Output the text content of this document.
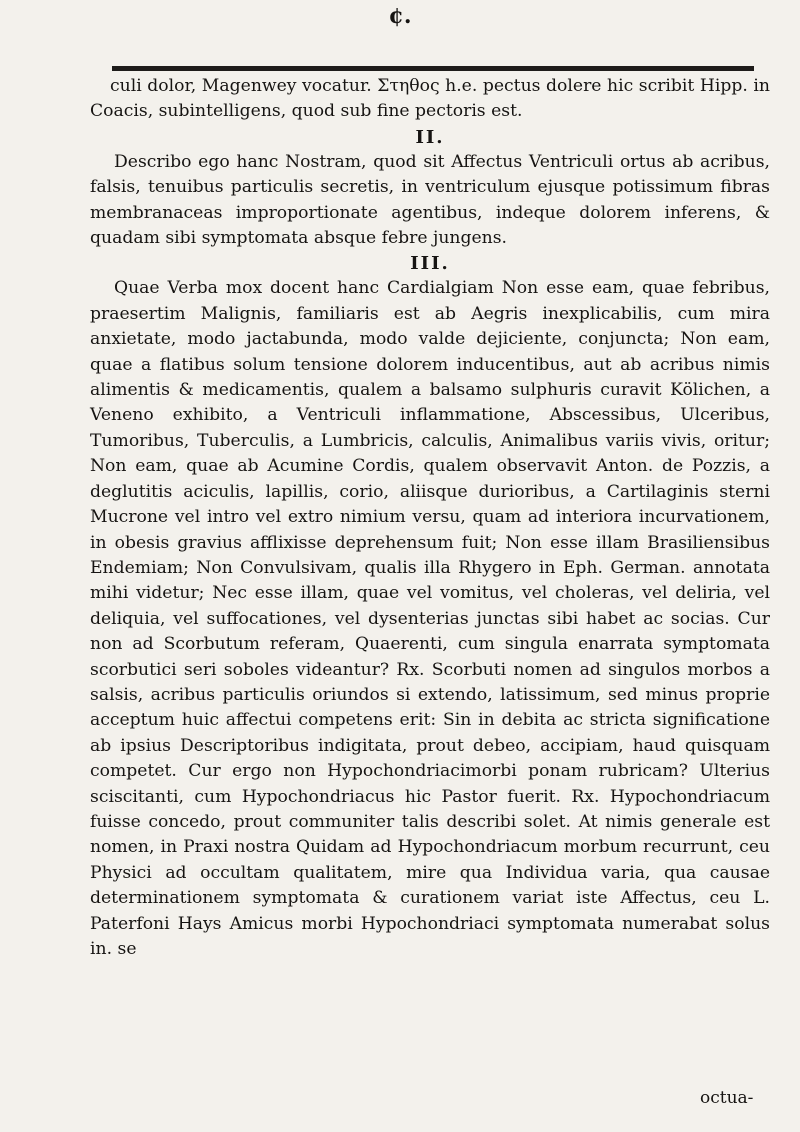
¢.

culi dolor, Magenwey vocatur. Στηθος h.e. pectus dolere hic scribit Hipp. in Coacis, subintelligens, quod sub fine pectoris est.

II.

Describo ego hanc Nostram, quod sit Affectus Ventriculi ortus ab acribus, falsis, tenuibus particulis secretis, in ventriculum ejusque potissimum fibras membranaceas improportionate agentibus, indeque dolorem inferens, & quadam sibi symptomata absque febre jungens.

III.

Quae Verba mox docent hanc Cardialgiam Non esse eam, quae febribus, praesertim Malignis, familiaris est ab Aegris inexplicabilis, cum mira anxietate, modo jactabunda, modo valde dejiciente, conjuncta; Non eam, quae a flatibus solum tensione dolorem inducentibus, aut ab acribus nimis alimentis & medicamentis, qualem a balsamo sulphuris curavit Kölichen, a Veneno exhibito, a Ventriculi inflammatione, Abscessibus, Ulceribus, Tumoribus, Tuberculis, a Lumbricis, calculis, Animalibus variis vivis, oritur; Non eam, quae ab Acumine Cordis, qualem observavit Anton. de Pozzis, a deglutitis aciculis, lapillis, corio, aliisque durioribus, a Cartilaginis sterni Mucrone vel intro vel extro nimium versu, quam ad interiora incurvationem, in obesis gravius afflixisse deprehensum fuit; Non esse illam Brasiliensibus Endemiam; Non Convulsivam, qualis illa Rhygero in Eph. German. annotata mihi videtur; Nec esse illam, quae vel vomitus, vel choleras, vel deliria, vel deliquia, vel suffocationes, vel dysenterias junctas sibi habet ac socias. Cur non ad Scorbutum referam, Quaerenti, cum singula enarrata symptomata scorbutici seri soboles videantur? Rx. Scorbuti nomen ad singulos morbos a salsis, acribus particulis oriundos si extendo, latissimum, sed minus proprie acceptum huic affectui competens erit: Sin in debita ac stricta significatione ab ipsius Descriptoribus indigitata, prout debeo, accipiam, haud quisquam competet. Cur ergo non Hypochondriacimorbi ponam rubricam? Ulterius sciscitanti, cum Hypochondriacus hic Pastor fuerit. Rx. Hypochondriacum fuisse concedo, prout communiter talis describi solet. At nimis generale est nomen, in Praxi nostra Quidam ad Hypochondriacum morbum recurrunt, ceu Physici ad occultam qualitatem, mire qua Individua varia, qua causae determinationem symptomata & curationem variat iste Affectus, ceu L. Paterfoni Hays Amicus morbi Hypochondriaci symptomata numerabat solus in. se

octua-
